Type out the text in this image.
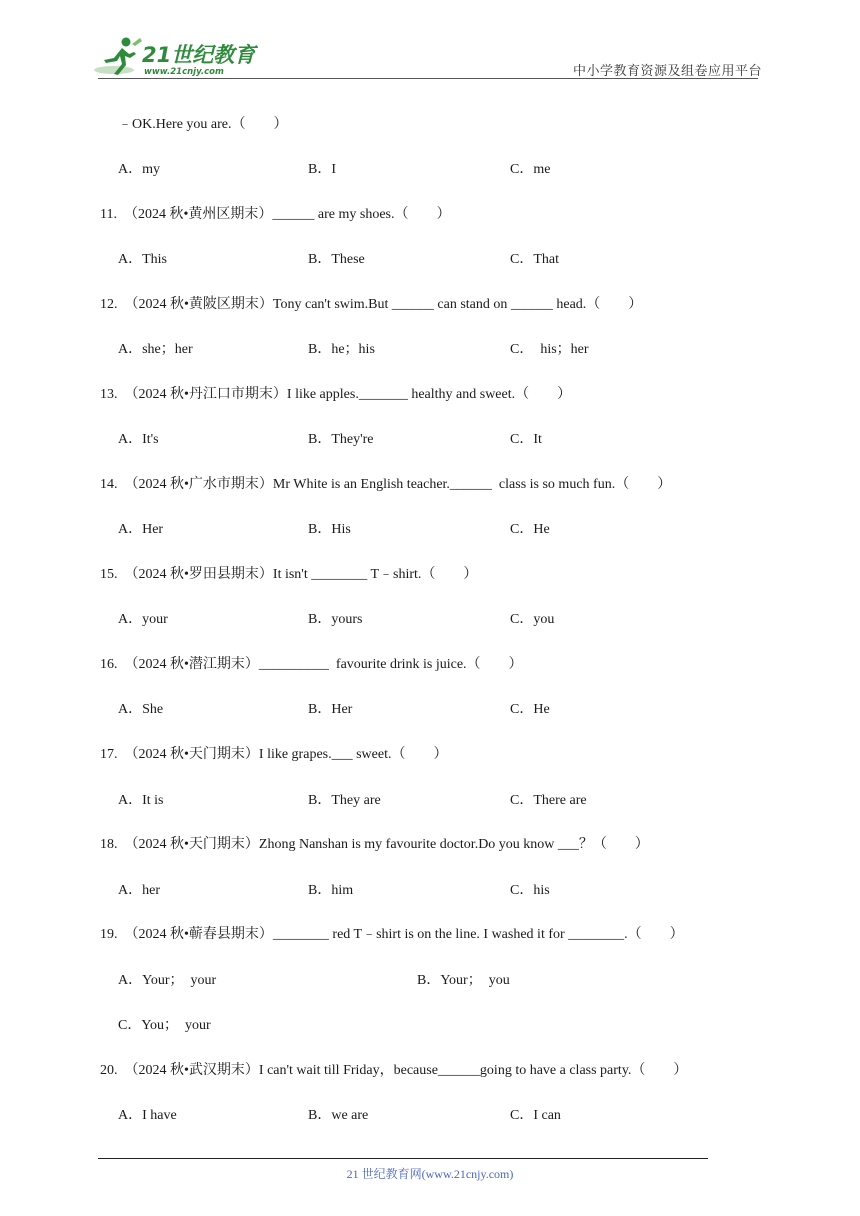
21世纪教育
www.21cnjy.com	中小学教育资源及组卷应用平台
﹣OK.Here you are.（　　）
A．my	B．I	C．me
11. （2024 秋•黄州区期末）______ are my shoes.（　　）
A．This	B．These	C．That
12. （2024 秋•黄陂区期末）Tony can't swim.But ______ can stand on ______ head.（　　）
A．she；her	B．he；his	C．  his；her
13. （2024 秋•丹江口市期末）I like apples._______ healthy and sweet.（　　）
A．It's	B．They're	C．It
14. （2024 秋•广水市期末）Mr White is an English teacher.______  class is so much fun.（　　）
A．Her	B．His	C．He
15. （2024 秋•罗田县期末）It isn't ________ T﹣shirt.（　　）
A．your	B．yours	C．you
16. （2024 秋•潜江期末）__________  favourite drink is juice.（　　）
A．She	B．Her	C．He
17. （2024 秋•天门期末）I like grapes.___ sweet.（　　）
A．It is	B．They are	C．There are
18. （2024 秋•天门期末）Zhong Nanshan is my favourite doctor.Do you know ___？（　　）
A．her	B．him	C．his
19. （2024 秋•蕲春县期末）________ red T﹣shirt is on the line. I washed it for ________.（　　）
A．Your；  your	B．Your；  you
C．You；  your
20. （2024 秋•武汉期末）I can't wait till Friday，because______going to have a class party.（　　）
A．I have	B．we are	C．I can
21 世纪教育网(www.21cnjy.com)
